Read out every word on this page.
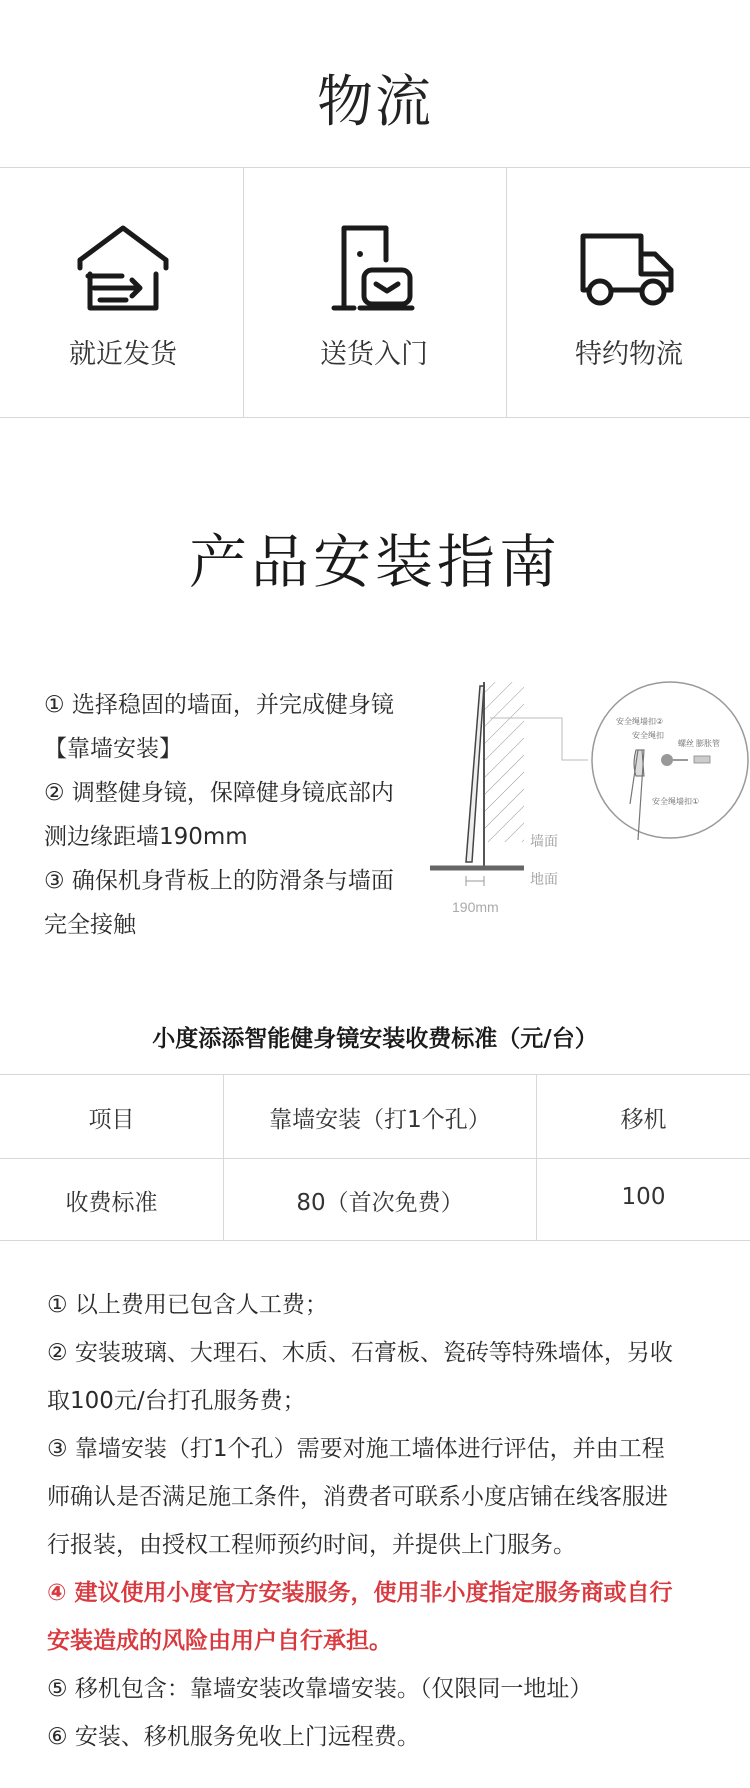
物流
就近发货	送货入门	特约物流
产品安装指南
① 选择稳固的墙面，并完成健身镜
【靠墙安装】
② 调整健身镜，保障健身镜底部内
测边缘距墙190mm
③ 确保机身背板上的防滑条与墙面
完全接触
190mm
墙面
地面
安全绳墙扣②
安全绳扣
螺丝 膨胀管
安全绳墙扣①
小度添添智能健身镜安装收费标准（元/台）
项目	靠墙安装（打1个孔）	移机
收费标准	80（首次免费）	100
① 以上费用已包含人工费；
② 安装玻璃、大理石、木质、石膏板、瓷砖等特殊墙体，另收
取100元/台打孔服务费；
③ 靠墙安装（打1个孔）需要对施工墙体进行评估，并由工程
师确认是否满足施工条件，消费者可联系小度店铺在线客服进
行报装，由授权工程师预约时间，并提供上门服务。
④ 建议使用小度官方安装服务，使用非小度指定服务商或自行
安装造成的风险由用户自行承担。
⑤ 移机包含：靠墙安装改靠墙安装。（仅限同一地址）
⑥ 安装、移机服务免收上门远程费。
